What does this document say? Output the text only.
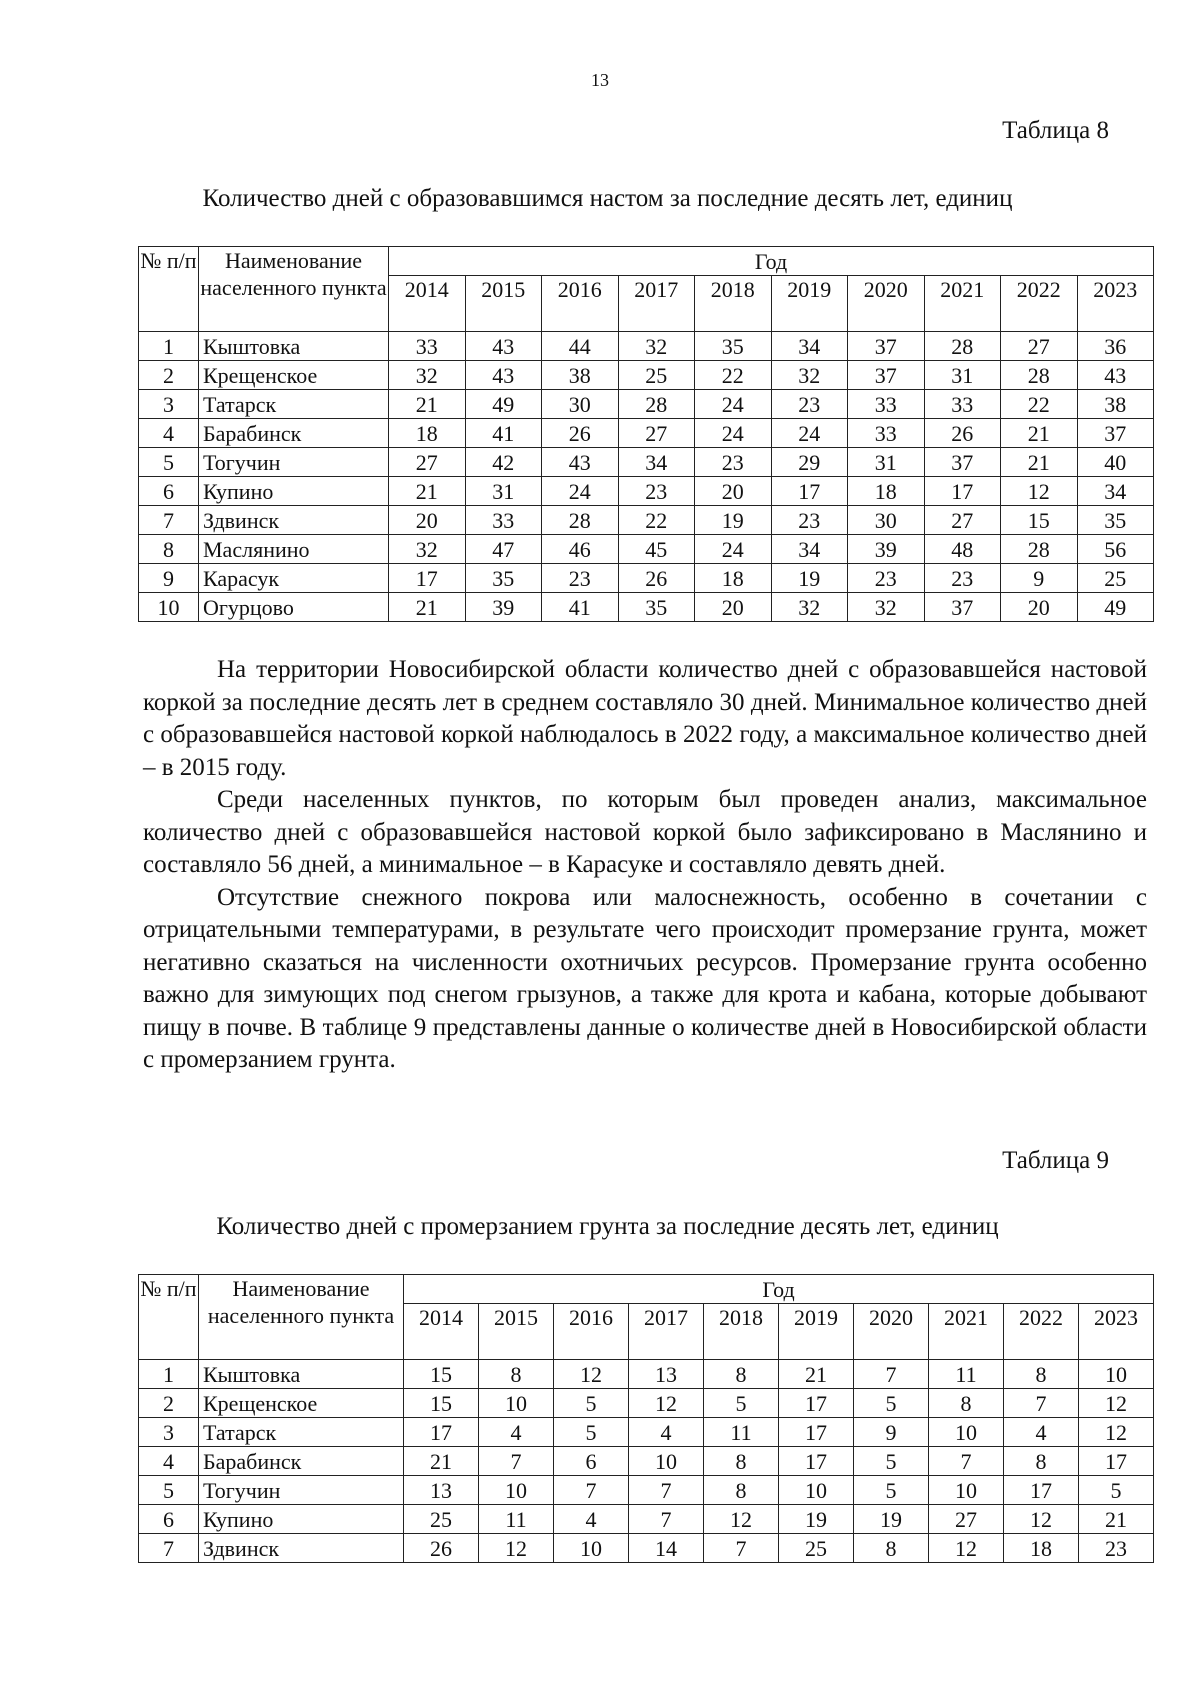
13
Таблица 8
Количество дней с образовавшимся настом за последние десять лет, единиц
№ п/п	Наименование населенного пункта	Год									
		2014	2015	2016	2017	2018	2019	2020	2021	2022	2023
1	Кыштовка	33	43	44	32	35	34	37	28	27	36
2	Крещенское	32	43	38	25	22	32	37	31	28	43
3	Татарск	21	49	30	28	24	23	33	33	22	38
4	Барабинск	18	41	26	27	24	24	33	26	21	37
5	Тогучин	27	42	43	34	23	29	31	37	21	40
6	Купино	21	31	24	23	20	17	18	17	12	34
7	Здвинск	20	33	28	22	19	23	30	27	15	35
8	Маслянино	32	47	46	45	24	34	39	48	28	56
9	Карасук	17	35	23	26	18	19	23	23	9	25
10	Огурцово	21	39	41	35	20	32	32	37	20	49

На территории Новосибирской области количество дней с образовавшейся настовой коркой за последние десять лет в среднем составляло 30 дней. Минимальное количество дней с образовавшейся настовой коркой наблюдалось в 2022 году, а максимальное количество дней – в 2015 году.

Среди населенных пунктов, по которым был проведен анализ, максимальное количество дней с образовавшейся настовой коркой было зафиксировано в Маслянино и составляло 56 дней, а минимальное – в Карасуке и составляло девять дней.

Отсутствие снежного покрова или малоснежность, особенно в сочетании с отрицательными температурами, в результате чего происходит промерзание грунта, может негативно сказаться на численности охотничьих ресурсов. Промерзание грунта особенно важно для зимующих под снегом грызунов, а также для крота и кабана, которые добывают пищу в почве. В таблице 9 представлены данные о количестве дней в Новосибирской области с промерзанием грунта.

Таблица 9
Количество дней с промерзанием грунта за последние десять лет, единиц
№ п/п	Наименование населенного пункта	Год									
		2014	2015	2016	2017	2018	2019	2020	2021	2022	2023
1	Кыштовка	15	8	12	13	8	21	7	11	8	10
2	Крещенское	15	10	5	12	5	17	5	8	7	12
3	Татарск	17	4	5	4	11	17	9	10	4	12
4	Барабинск	21	7	6	10	8	17	5	7	8	17
5	Тогучин	13	10	7	7	8	10	5	10	17	5
6	Купино	25	11	4	7	12	19	19	27	12	21
7	Здвинск	26	12	10	14	7	25	8	12	18	23
